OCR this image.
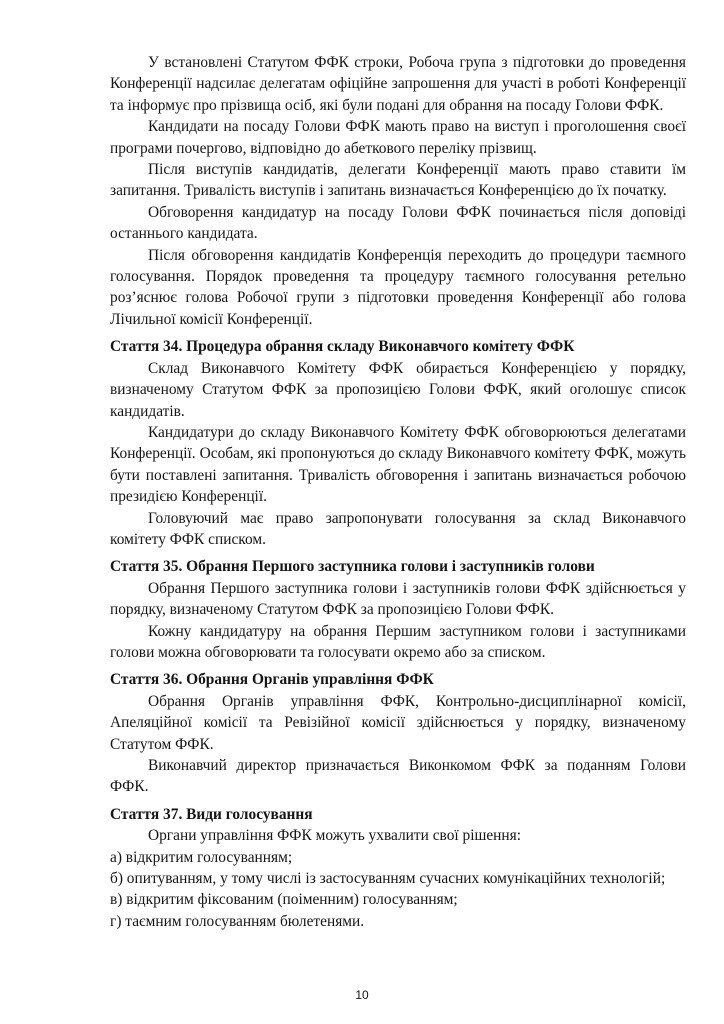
У встановлені Статутом ФФК строки, Робоча група з підготовки до проведення Конференції надсилає делегатам офіційне запрошення для участі в роботі Конференції та інформує про прізвища осіб, які були подані для обрання на посаду Голови ФФК.

Кандидати на посаду Голови ФФК мають право на виступ і проголошення своєї програми почергово, відповідно до абеткового переліку прізвищ.

Після виступів кандидатів, делегати Конференції мають право ставити їм запитання. Тривалість виступів і запитань визначається Конференцією до їх початку.

Обговорення кандидатур на посаду Голови ФФК починається після доповіді останнього кандидата.

Після обговорення кандидатів Конференція переходить до процедури таємного голосування. Порядок проведення та процедуру таємного голосування ретельно роз’яснює голова Робочої групи з підготовки проведення Конференції або голова Лічильної комісії Конференції.

Стаття 34. Процедура обрання складу Виконавчого комітету ФФК

Склад Виконавчого Комітету ФФК обирається Конференцією у порядку, визначеному Статутом ФФК за пропозицією Голови ФФК, який оголошує список кандидатів.

Кандидатури до складу Виконавчого Комітету ФФК обговорюються делегатами Конференції. Особам, які пропонуються до складу Виконавчого комітету ФФК, можуть бути поставлені запитання. Тривалість обговорення і запитань визначається робочою президією Конференції.

Головуючий має право запропонувати голосування за склад Виконавчого комітету ФФК списком.

Стаття 35. Обрання Першого заступника голови і заступників голови

Обрання Першого заступника голови і заступників голови ФФК здійснюється у порядку, визначеному Статутом ФФК за пропозицією Голови ФФК.

Кожну кандидатуру на обрання Першим заступником голови і заступниками голови можна обговорювати та голосувати окремо або за списком.

Стаття 36. Обрання Органів управління ФФК

Обрання Органів управління ФФК, Контрольно-дисциплінарної комісії, Апеляційної комісії та Ревізійної комісії здійснюється у порядку, визначеному Статутом ФФК.

Виконавчий директор призначається Виконкомом ФФК за поданням Голови ФФК.

Стаття 37. Види голосування

Органи управління ФФК можуть ухвалити свої рішення:

а) відкритим голосуванням;

б) опитуванням, у тому числі із застосуванням сучасних комунікаційних технологій;

в) відкритим фіксованим (поіменним) голосуванням;

г) таємним голосуванням бюлетенями.

10
